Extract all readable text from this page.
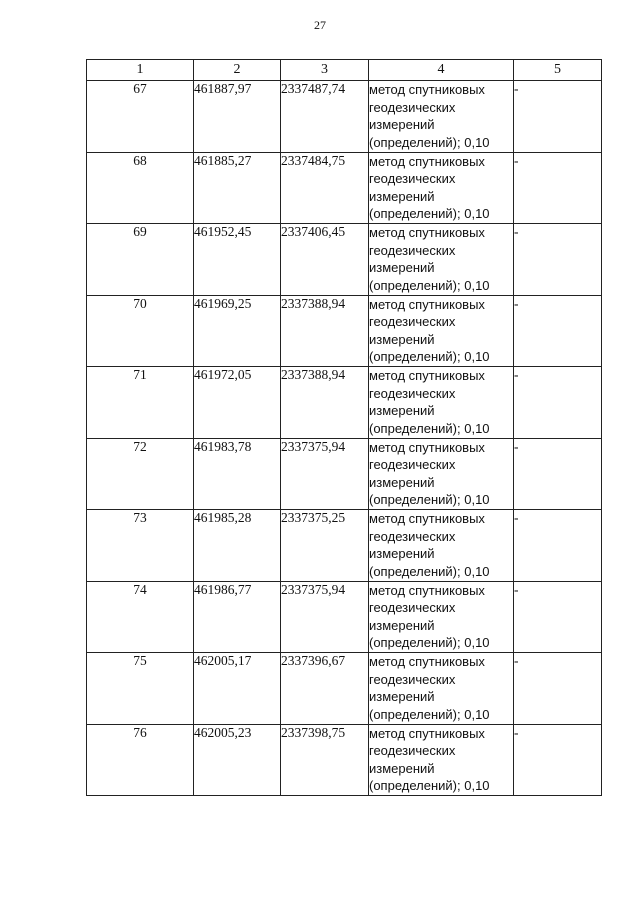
27
1	2	3	4	5
67	461887,97	2337487,74	метод спутниковых геодезических измерений (определений); 0,10	-
68	461885,27	2337484,75	метод спутниковых геодезических измерений (определений); 0,10	-
69	461952,45	2337406,45	метод спутниковых геодезических измерений (определений); 0,10	-
70	461969,25	2337388,94	метод спутниковых геодезических измерений (определений); 0,10	-
71	461972,05	2337388,94	метод спутниковых геодезических измерений (определений); 0,10	-
72	461983,78	2337375,94	метод спутниковых геодезических измерений (определений); 0,10	-
73	461985,28	2337375,25	метод спутниковых геодезических измерений (определений); 0,10	-
74	461986,77	2337375,94	метод спутниковых геодезических измерений (определений); 0,10	-
75	462005,17	2337396,67	метод спутниковых геодезических измерений (определений); 0,10	-
76	462005,23	2337398,75	метод спутниковых геодезических измерений (определений); 0,10	-
